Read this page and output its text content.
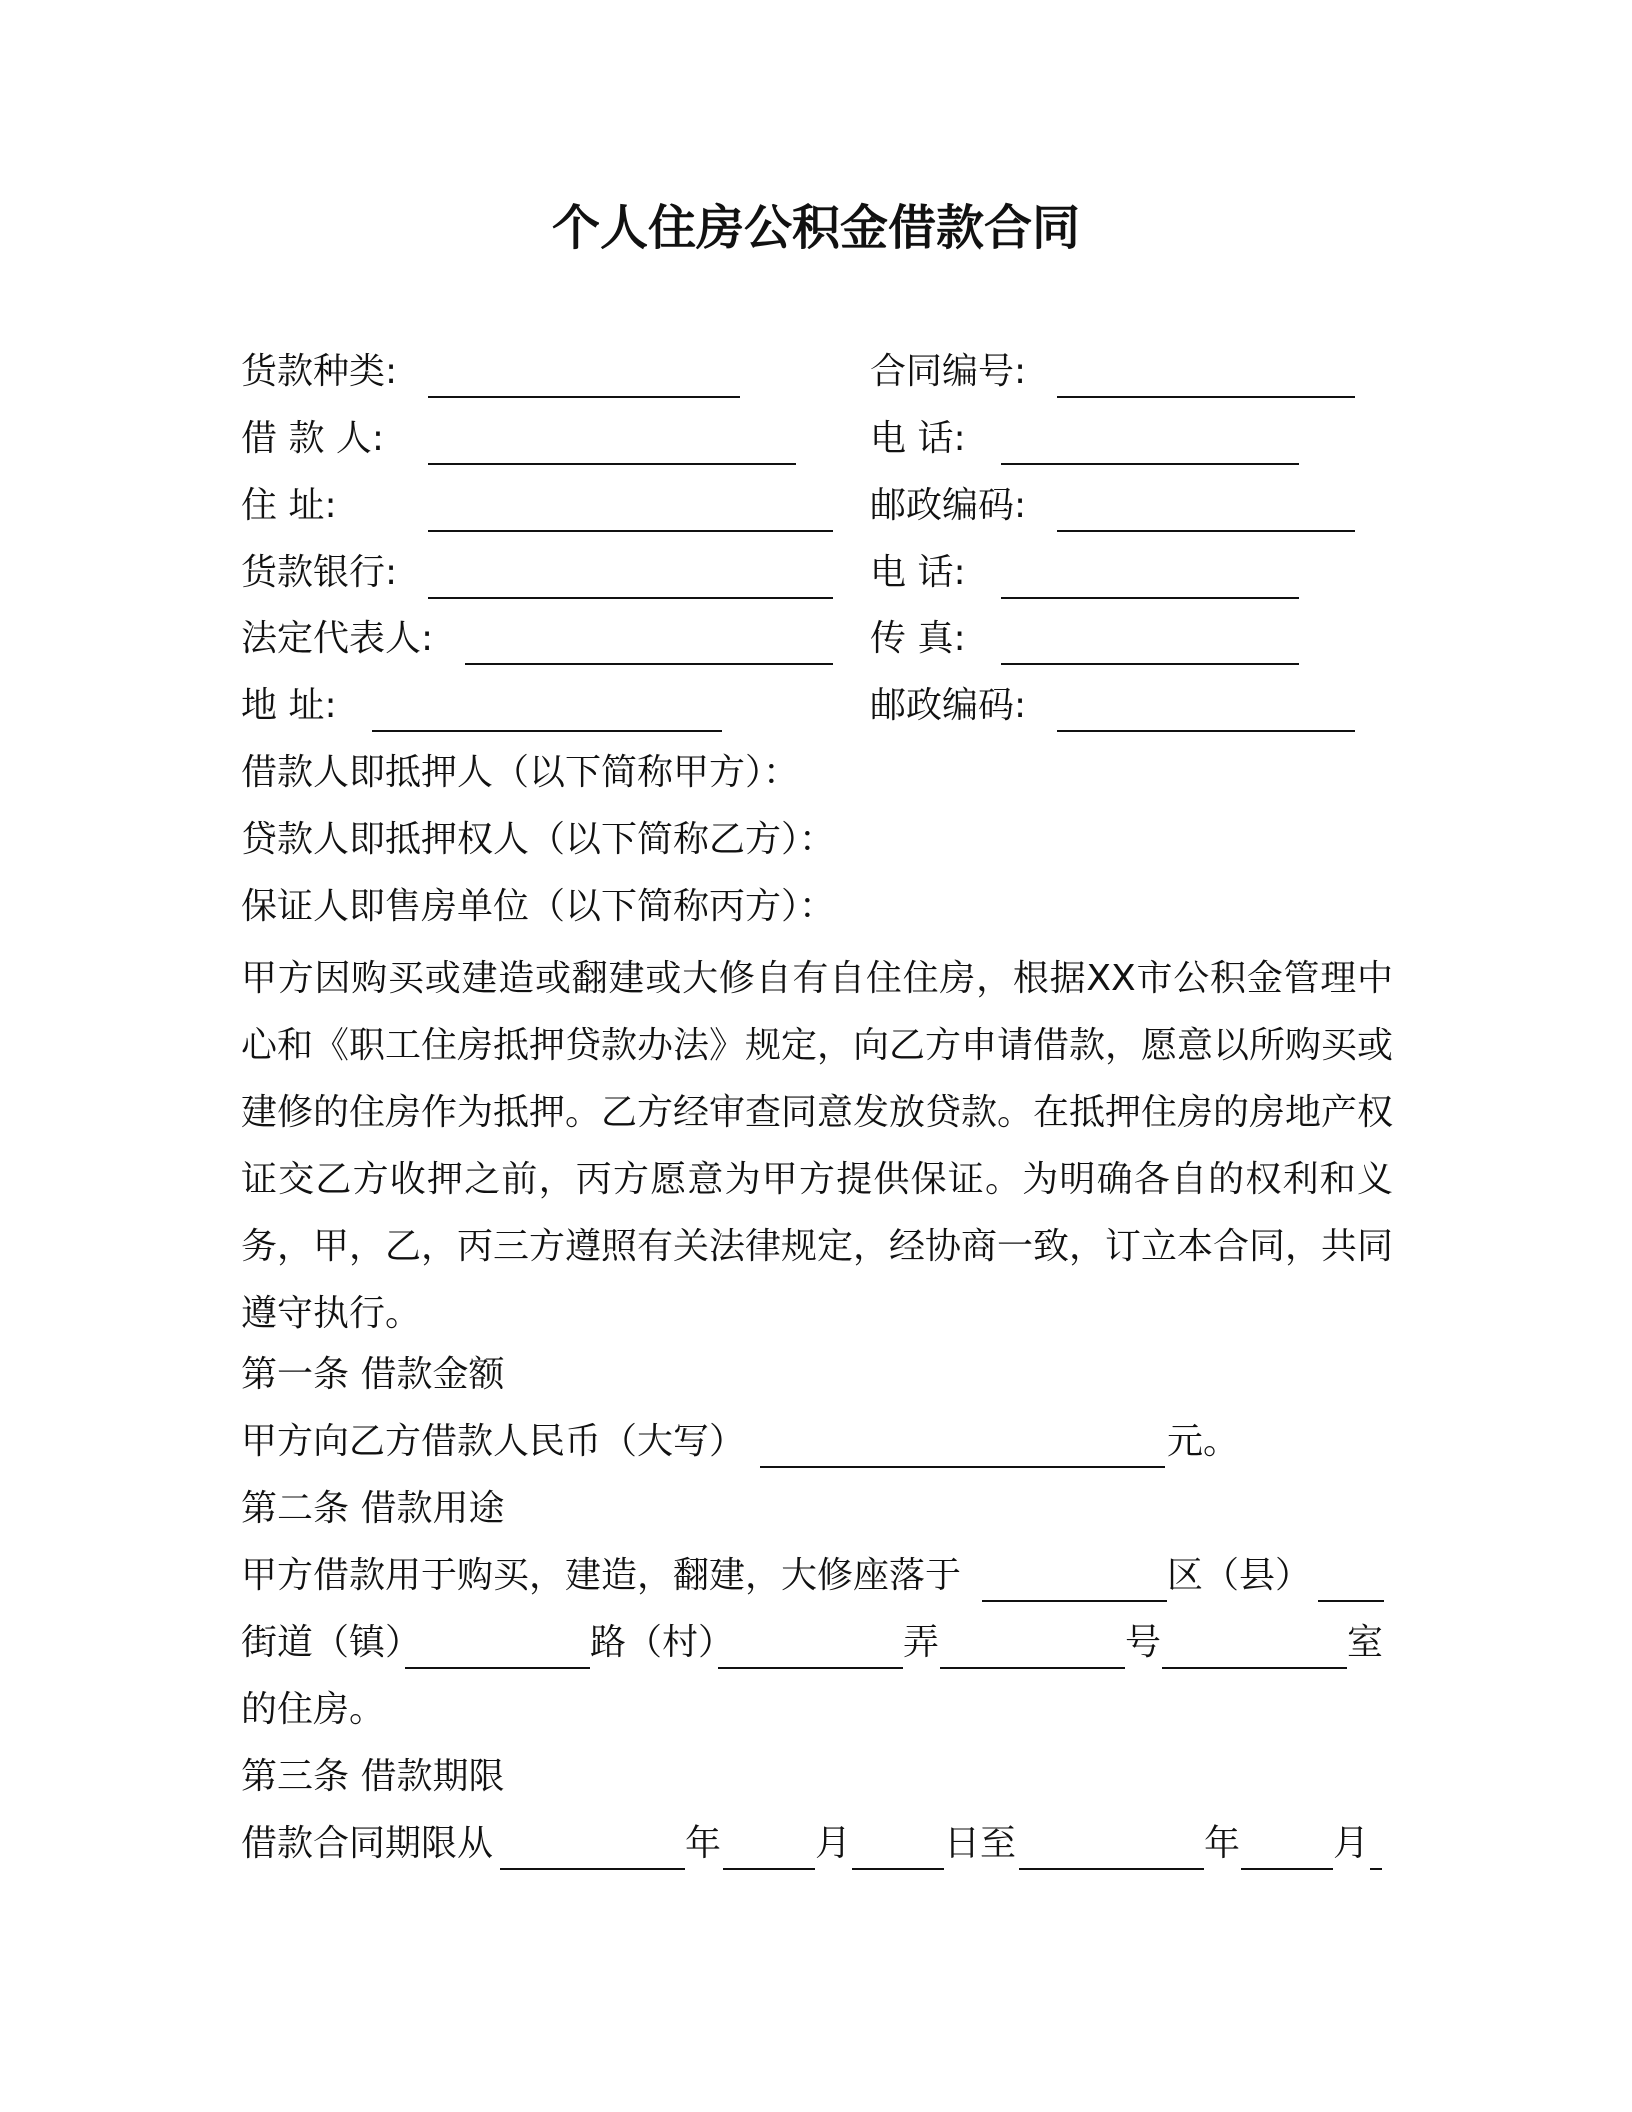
个人住房公积金借款合同
货款种类:	合同编号:
借 款 人:	电 话:
住 址:	邮政编码:
货款银行:	电 话:
法定代表人:	传 真:
地 址:	邮政编码:
借款人即抵押人（以下简称甲方）：
贷款人即抵押权人（以下简称乙方）：
保证人即售房单位（以下简称丙方）：
甲方因购买或建造或翻建或大修自有自住住房，根据XX市公积金管理中心和《职工住房抵押贷款办法》规定，向乙方申请借款，愿意以所购买或建修的住房作为抵押。乙方经审查同意发放贷款。在抵押住房的房地产权证交乙方收押之前，丙方愿意为甲方提供保证。为明确各自的权利和义务，甲，乙，丙三方遵照有关法律规定，经协商一致，订立本合同，共同遵守执行。
第一条 借款金额
甲方向乙方借款人民币（大写）	元。
第二条 借款用途
甲方借款用于购买，建造，翻建，大修座落于	区（县）
街道（镇）	路（村）	弄	号	室
的住房。
第三条 借款期限
借款合同期限从	年	月	日至	年	月
